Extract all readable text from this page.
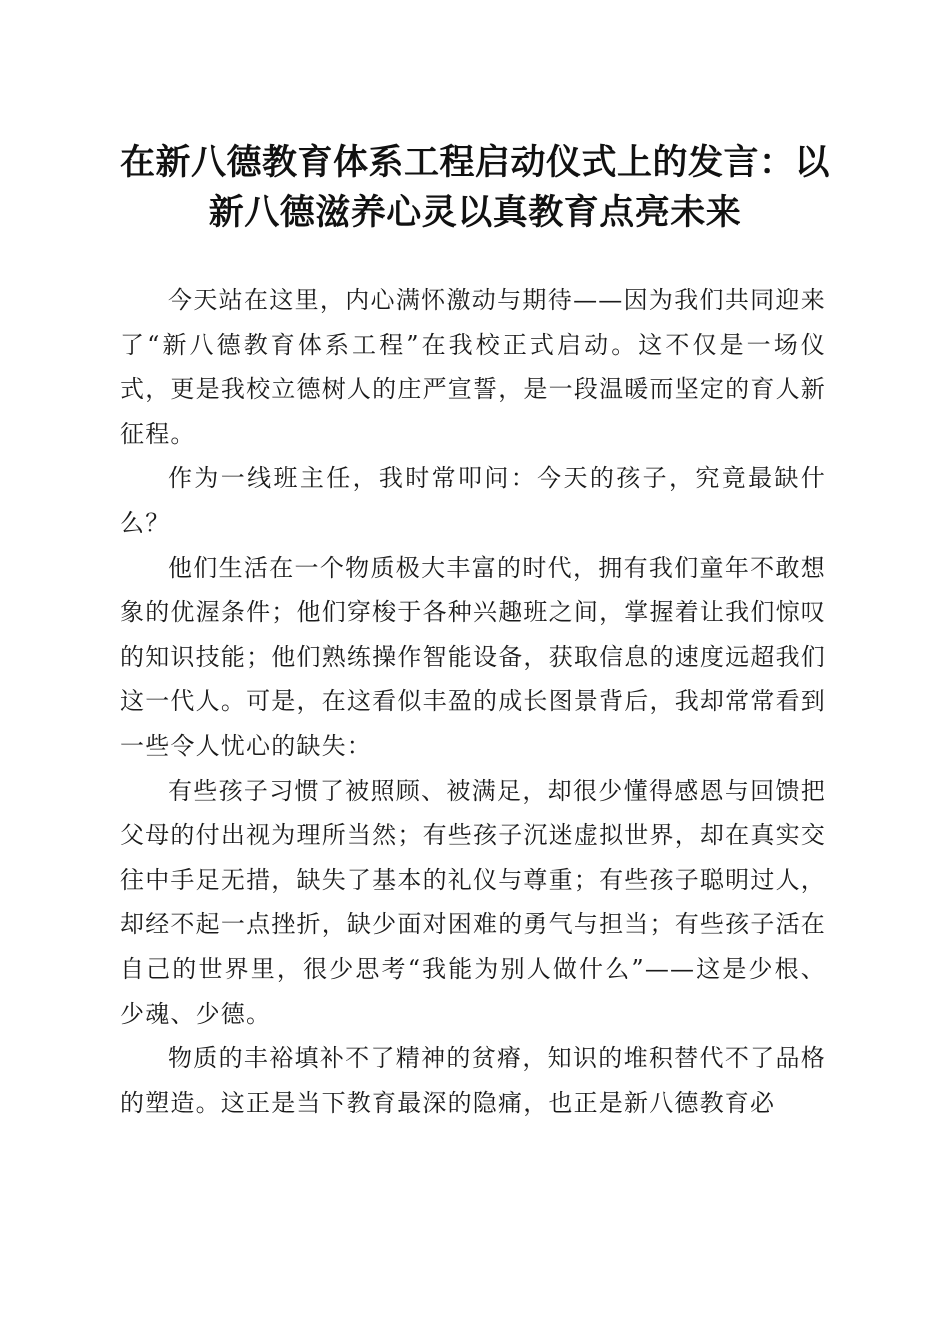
在新八德教育体系工程启动仪式上的发言：以新八德滋养心灵以真教育点亮未来

今天站在这里，内心满怀激动与期待——因为我们共同迎来了“新八德教育体系工程”在我校正式启动。这不仅是一场仪式，更是我校立德树人的庄严宣誓，是一段温暖而坚定的育人新征程。

作为一线班主任，我时常叩问：今天的孩子，究竟最缺什么？

他们生活在一个物质极大丰富的时代，拥有我们童年不敢想象的优渥条件；他们穿梭于各种兴趣班之间，掌握着让我们惊叹的知识技能；他们熟练操作智能设备，获取信息的速度远超我们这一代人。可是，在这看似丰盈的成长图景背后，我却常常看到一些令人忧心的缺失：

有些孩子习惯了被照顾、被满足，却很少懂得感恩与回馈把父母的付出视为理所当然；有些孩子沉迷虚拟世界，却在真实交往中手足无措，缺失了基本的礼仪与尊重；有些孩子聪明过人，却经不起一点挫折，缺少面对困难的勇气与担当；有些孩子活在自己的世界里，很少思考“我能为别人做什么”——这是少根、少魂、少德。

物质的丰裕填补不了精神的贫瘠，知识的堆积替代不了品格的塑造。这正是当下教育最深的隐痛，也正是新八德教育必
